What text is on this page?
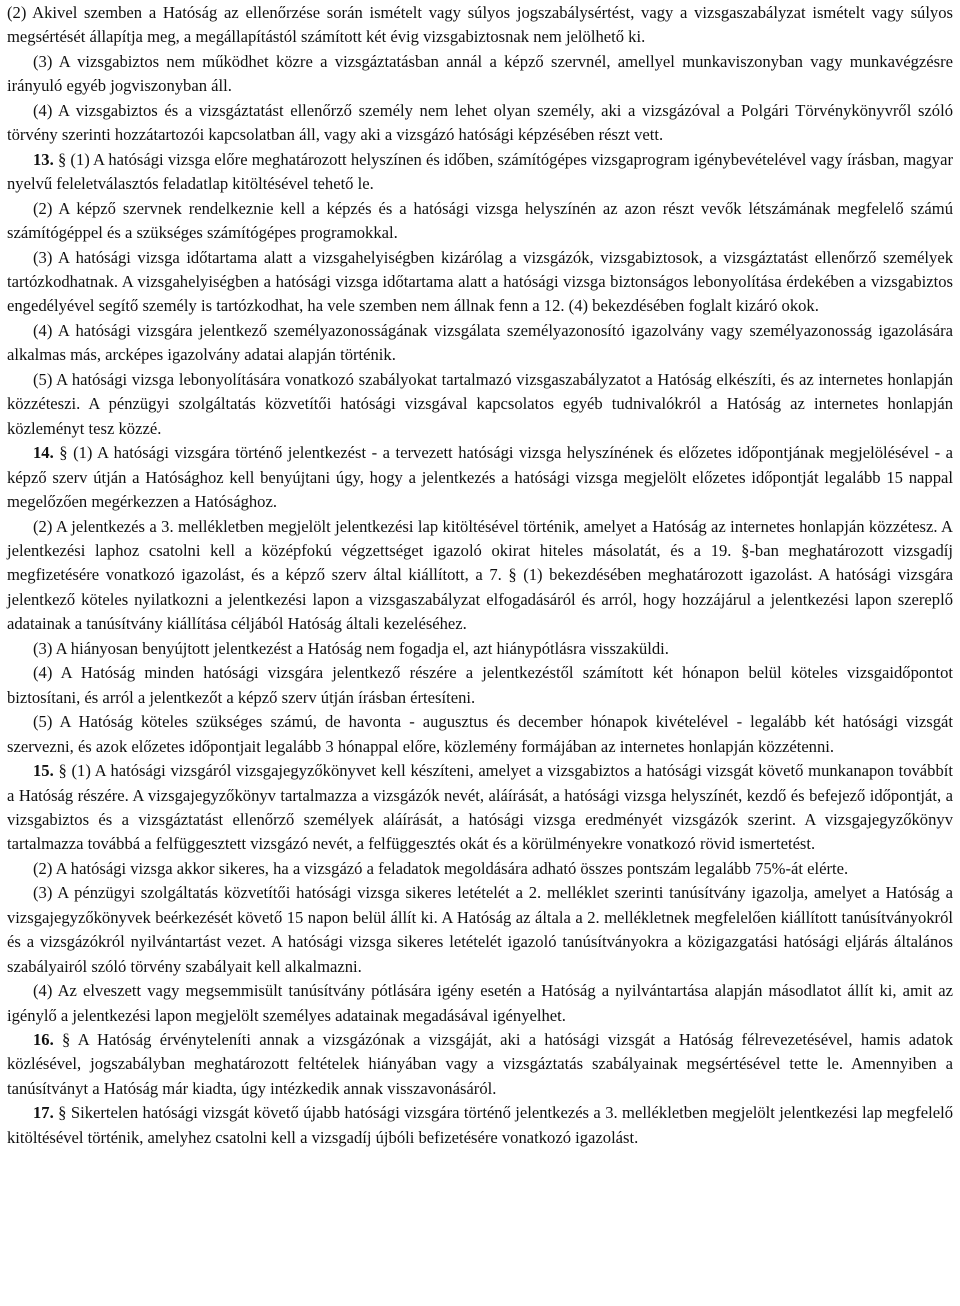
(2) Akivel szemben a Hatóság az ellenőrzése során ismételt vagy súlyos jogszabálysértést, vagy a vizsgaszabályzat ismételt vagy súlyos megsértését állapítja meg, a megállapítástól számított két évig vizsgabiztosnak nem jelölhető ki.

(3) A vizsgabiztos nem működhet közre a vizsgáztatásban annál a képző szervnél, amellyel munkaviszonyban vagy munkavégzésre irányuló egyéb jogviszonyban áll.

(4) A vizsgabiztos és a vizsgáztatást ellenőrző személy nem lehet olyan személy, aki a vizsgázóval a Polgári Törvénykönyvről szóló törvény szerinti hozzátartozói kapcsolatban áll, vagy aki a vizsgázó hatósági képzésében részt vett.

13. § (1) A hatósági vizsga előre meghatározott helyszínen és időben, számítógépes vizsgaprogram igénybevételével vagy írásban, magyar nyelvű feleletválasztós feladatlap kitöltésével tehető le.

(2) A képző szervnek rendelkeznie kell a képzés és a hatósági vizsga helyszínén az azon részt vevők létszámának megfelelő számú számítógéppel és a szükséges számítógépes programokkal.

(3) A hatósági vizsga időtartama alatt a vizsgahelyiségben kizárólag a vizsgázók, vizsgabiztosok, a vizsgáztatást ellenőrző személyek tartózkodhatnak. A vizsgahelyiségben a hatósági vizsga időtartama alatt a hatósági vizsga biztonságos lebonyolítása érdekében a vizsgabiztos engedélyével segítő személy is tartózkodhat, ha vele szemben nem állnak fenn a 12. (4) bekezdésében foglalt kizáró okok.

(4) A hatósági vizsgára jelentkező személyazonosságának vizsgálata személyazonosító igazolvány vagy személyazonosság igazolására alkalmas más, arcképes igazolvány adatai alapján történik.

(5) A hatósági vizsga lebonyolítására vonatkozó szabályokat tartalmazó vizsgaszabályzatot a Hatóság elkészíti, és az internetes honlapján közzéteszi. A pénzügyi szolgáltatás közvetítői hatósági vizsgával kapcsolatos egyéb tudnivalókról a Hatóság az internetes honlapján közleményt tesz közzé.

14. § (1) A hatósági vizsgára történő jelentkezést - a tervezett hatósági vizsga helyszínének és előzetes időpontjának megjelölésével - a képző szerv útján a Hatósághoz kell benyújtani úgy, hogy a jelentkezés a hatósági vizsga megjelölt előzetes időpontját legalább 15 nappal megelőzően megérkezzen a Hatósághoz.

(2) A jelentkezés a 3. mellékletben megjelölt jelentkezési lap kitöltésével történik, amelyet a Hatóság az internetes honlapján közzétesz. A jelentkezési laphoz csatolni kell a középfokú végzettséget igazoló okirat hiteles másolatát, és a 19. §-ban meghatározott vizsgadíj megfizetésére vonatkozó igazolást, és a képző szerv által kiállított, a 7. § (1) bekezdésében meghatározott igazolást. A hatósági vizsgára jelentkező köteles nyilatkozni a jelentkezési lapon a vizsgaszabályzat elfogadásáról és arról, hogy hozzájárul a jelentkezési lapon szereplő adatainak a tanúsítvány kiállítása céljából Hatóság általi kezeléséhez.

(3) A hiányosan benyújtott jelentkezést a Hatóság nem fogadja el, azt hiánypótlásra visszaküldi.

(4) A Hatóság minden hatósági vizsgára jelentkező részére a jelentkezéstől számított két hónapon belül köteles vizsgaidőpontot biztosítani, és arról a jelentkezőt a képző szerv útján írásban értesíteni.

(5) A Hatóság köteles szükséges számú, de havonta - augusztus és december hónapok kivételével - legalább két hatósági vizsgát szervezni, és azok előzetes időpontjait legalább 3 hónappal előre, közlemény formájában az internetes honlapján közzétenni.

15. § (1) A hatósági vizsgáról vizsgajegyzőkönyvet kell készíteni, amelyet a vizsgabiztos a hatósági vizsgát követő munkanapon továbbít a Hatóság részére. A vizsgajegyzőkönyv tartalmazza a vizsgázók nevét, aláírását, a hatósági vizsga helyszínét, kezdő és befejező időpontját, a vizsgabiztos és a vizsgáztatást ellenőrző személyek aláírását, a hatósági vizsga eredményét vizsgázók szerint. A vizsgajegyzőkönyv tartalmazza továbbá a felfüggesztett vizsgázó nevét, a felfüggesztés okát és a körülményekre vonatkozó rövid ismertetést.

(2) A hatósági vizsga akkor sikeres, ha a vizsgázó a feladatok megoldására adható összes pontszám legalább 75%-át elérte.

(3) A pénzügyi szolgáltatás közvetítői hatósági vizsga sikeres letételét a 2. melléklet szerinti tanúsítvány igazolja, amelyet a Hatóság a vizsgajegyzőkönyvek beérkezését követő 15 napon belül állít ki. A Hatóság az általa a 2. mellékletnek megfelelően kiállított tanúsítványokról és a vizsgázókról nyilvántartást vezet. A hatósági vizsga sikeres letételét igazoló tanúsítványokra a közigazgatási hatósági eljárás általános szabályairól szóló törvény szabályait kell alkalmazni.

(4) Az elveszett vagy megsemmisült tanúsítvány pótlására igény esetén a Hatóság a nyilvántartása alapján másodlatot állít ki, amit az igénylő a jelentkezési lapon megjelölt személyes adatainak megadásával igényelhet.

16. § A Hatóság érvényteleníti annak a vizsgázónak a vizsgáját, aki a hatósági vizsgát a Hatóság félrevezetésével, hamis adatok közlésével, jogszabályban meghatározott feltételek hiányában vagy a vizsgáztatás szabályainak megsértésével tette le. Amennyiben a tanúsítványt a Hatóság már kiadta, úgy intézkedik annak visszavonásáról.

17. § Sikertelen hatósági vizsgát követő újabb hatósági vizsgára történő jelentkezés a 3. mellékletben megjelölt jelentkezési lap megfelelő kitöltésével történik, amelyhez csatolni kell a vizsgadíj újbóli befizetésére vonatkozó igazolást.
